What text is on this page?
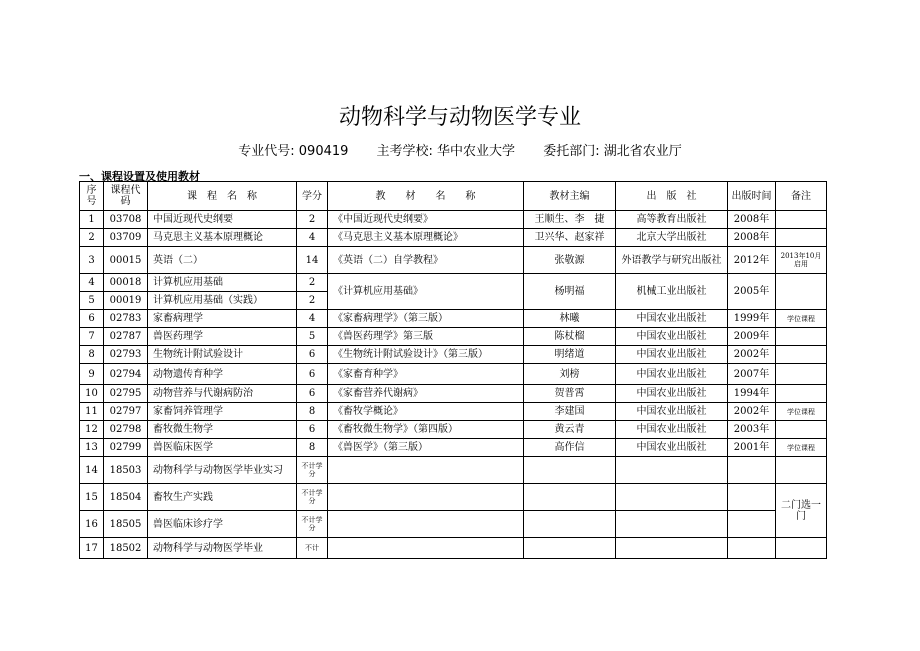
动物科学与动物医学专业
专业代号: 090419 主考学校: 华中农业大学 委托部门: 湖北省农业厅
一、课程设置及使用教材
序号	课程代码	课　程　名　称	学分	教　　材　　名　　称	教材主编	出　版　社	出版时间	备注
1	03708	中国近现代史纲要	2	《中国近现代史纲要》	王顺生、李　捷	高等教育出版社	2008年	
2	03709	马克思主义基本原理概论	4	《马克思主义基本原理概论》	卫兴华、赵家祥	北京大学出版社	2008年	
3	00015	英语（二）	14	《英语（二）自学教程》	张敬源	外语教学与研究出版社	2012年	2013年10月启用
4	00018	计算机应用基础	2	《计算机应用基础》	杨明福	机械工业出版社	2005年	
5	00019	计算机应用基础（实践）	2					
6	02783	家畜病理学	4	《家畜病理学》（第三版）	林曦	中国农业出版社	1999年	学位课程
7	02787	兽医药理学	5	《兽医药理学》第三版	陈杖榴	中国农业出版社	2009年	
8	02793	生物统计附试验设计	6	《生物统计附试验设计》（第三版）	明绪道	中国农业出版社	2002年	
9	02794	动物遗传育种学	6	《家畜育种学》	刘榜	中国农业出版社	2007年	
10	02795	动物营养与代谢病防治	6	《家畜营养代谢病》	贺普霄	中国农业出版社	1994年	
11	02797	家畜饲养管理学	8	《畜牧学概论》	李建国	中国农业出版社	2002年	学位课程
12	02798	畜牧微生物学	6	《畜牧微生物学》（第四版）	黄云青	中国农业出版社	2003年	
13	02799	兽医临床医学	8	《兽医学》（第三版）	高作信	中国农业出版社	2001年	学位课程
14	18503	动物科学与动物医学毕业实习	不计学分					
15	18504	畜牧生产实践	不计学分					二门选一门
16	18505	兽医临床诊疗学	不计学分					
17	18502	动物科学与动物医学毕业	不计					
